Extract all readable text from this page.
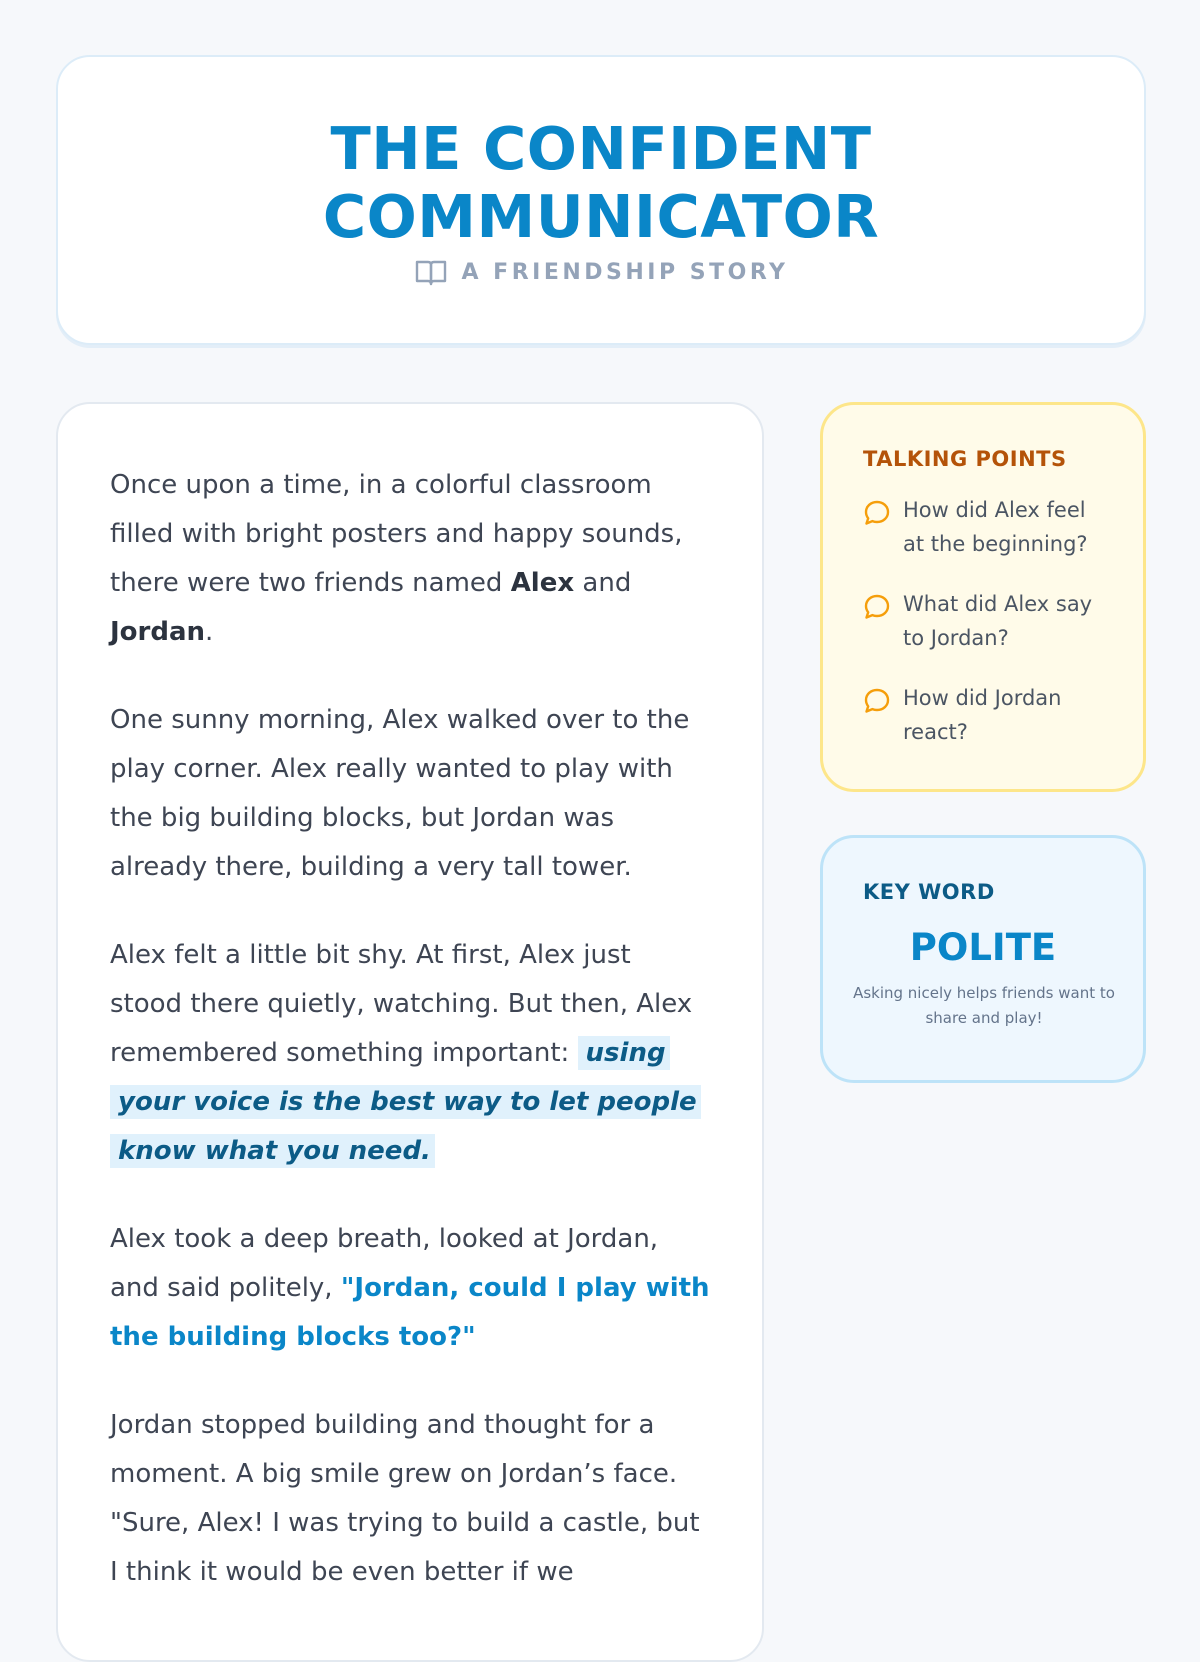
THE CONFIDENT
COMMUNICATOR
A FRIENDSHIP STORY

Once upon a time, in a colorful classroom filled with bright posters and happy sounds, there were two friends named Alex and Jordan.

One sunny morning, Alex walked over to the play corner. Alex really wanted to play with the big building blocks, but Jordan was already there, building a very tall tower.

Alex felt a little bit shy. At first, Alex just stood there quietly, watching. But then, Alex remembered something important: using your voice is the best way to let people know what you need.

Alex took a deep breath, looked at Jordan, and said politely, "Jordan, could I play with the building blocks too?"

Jordan stopped building and thought for a moment. A big smile grew on Jordan’s face. "Sure, Alex! I was trying to build a castle, but I think it would be even better if we

TALKING POINTS
How did Alex feel at the beginning?
What did Alex say to Jordan?
How did Jordan react?
KEY WORD
POLITE
Asking nicely helps friends want to share and play!
